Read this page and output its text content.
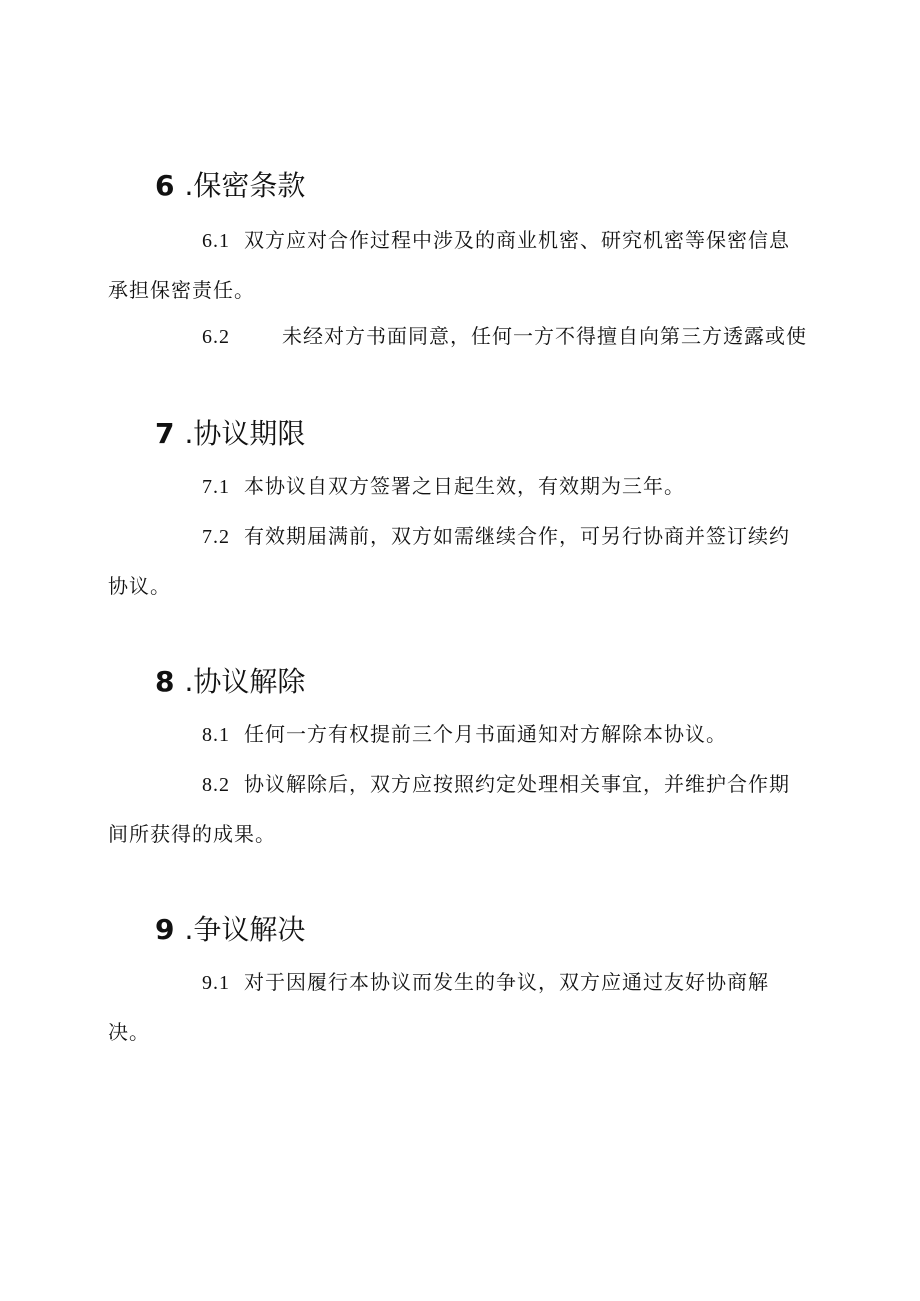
6 .保密条款
6.1 双方应对合作过程中涉及的商业机密、研究机密等保密信息承担保密责任。
6.2	未经对方书面同意，任何一方不得擅自向第三方透露或使
7 .协议期限
7.1 本协议自双方签署之日起生效，有效期为三年。
7.2 有效期届满前，双方如需继续合作，可另行协商并签订续约协议。
8 .协议解除
8.1 任何一方有权提前三个月书面通知对方解除本协议。
8.2 协议解除后，双方应按照约定处理相关事宜，并维护合作期间所获得的成果。
9 .争议解决
9.1 对于因履行本协议而发生的争议，双方应通过友好协商解决。
